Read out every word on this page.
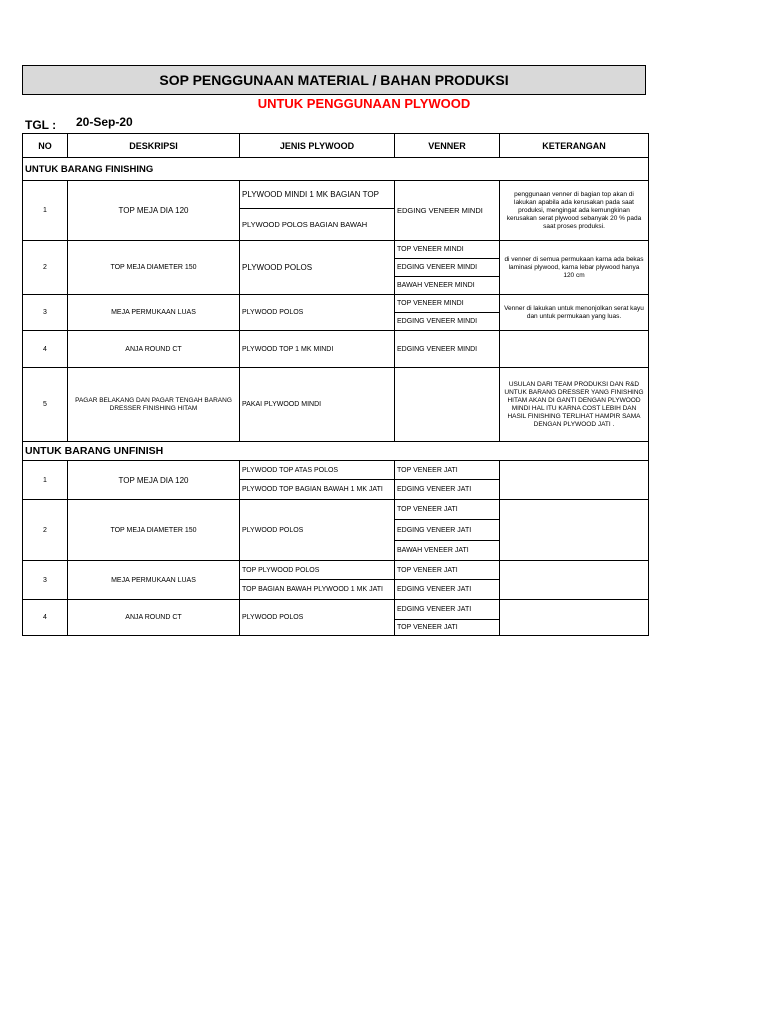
SOP PENGGUNAAN MATERIAL / BAHAN PRODUKSI
UNTUK PENGGUNAAN PLYWOOD
TGL : 20-Sep-20
NO	DESKRIPSI	JENIS PLYWOOD	VENNER	KETERANGAN
UNTUK BARANG FINISHING				
1	TOP MEJA DIA 120	PLYWOOD MINDI 1 MK BAGIAN TOP	EDGING VENEER MINDI	penggunaan venner di bagian top akan di lakukan apabila ada kerusakan pada saat produksi, mengingat ada kemungkinan kerusakan serat plywood sebanyak 20 % pada saat proses produksi.
		PLYWOOD POLOS BAGIAN BAWAH		
2	TOP MEJA DIAMETER 150	PLYWOOD POLOS	TOP VENEER MINDI	di venner di semua permukaan karna ada bekas laminasi plywood, karna lebar plywood hanya 120 cm
			EDGING VENEER MINDI	
			BAWAH VENEER MINDI	
3	MEJA PERMUKAAN LUAS	PLYWOOD POLOS	TOP VENEER MINDI	Venner di lakukan untuk menonjolkan serat kayu dan untuk permukaan yang luas.
			EDGING VENEER MINDI	
4	ANJA ROUND CT	PLYWOOD TOP 1 MK MINDI	EDGING VENEER MINDI	
5	PAGAR BELAKANG DAN PAGAR TENGAH BARANG DRESSER FINISHING HITAM	PAKAI PLYWOOD MINDI		USULAN DARI TEAM PRODUKSI DAN R&D UNTUK BARANG DRESSER YANG FINISHING HITAM AKAN DI GANTI DENGAN PLYWOOD MINDI HAL ITU KARNA COST LEBIH DAN HASIL FINISHING TERLIHAT HAMPIR SAMA DENGAN PLYWOOD JATI .
UNTUK BARANG UNFINISH				
1	TOP MEJA DIA 120	PLYWOOD TOP ATAS POLOS	TOP VENEER JATI	
		PLYWOOD TOP BAGIAN BAWAH 1 MK JATI	EDGING VENEER JATI	
2	TOP MEJA DIAMETER 150	PLYWOOD POLOS	TOP VENEER JATI	
			EDGING VENEER JATI	
			BAWAH VENEER JATI	
3	MEJA PERMUKAAN LUAS	TOP PLYWOOD POLOS	TOP VENEER JATI	
		TOP BAGIAN BAWAH PLYWOOD 1 MK JATI	EDGING VENEER JATI	
4	ANJA ROUND CT	PLYWOOD POLOS	EDGING VENEER JATI	
			TOP VENEER JATI	
